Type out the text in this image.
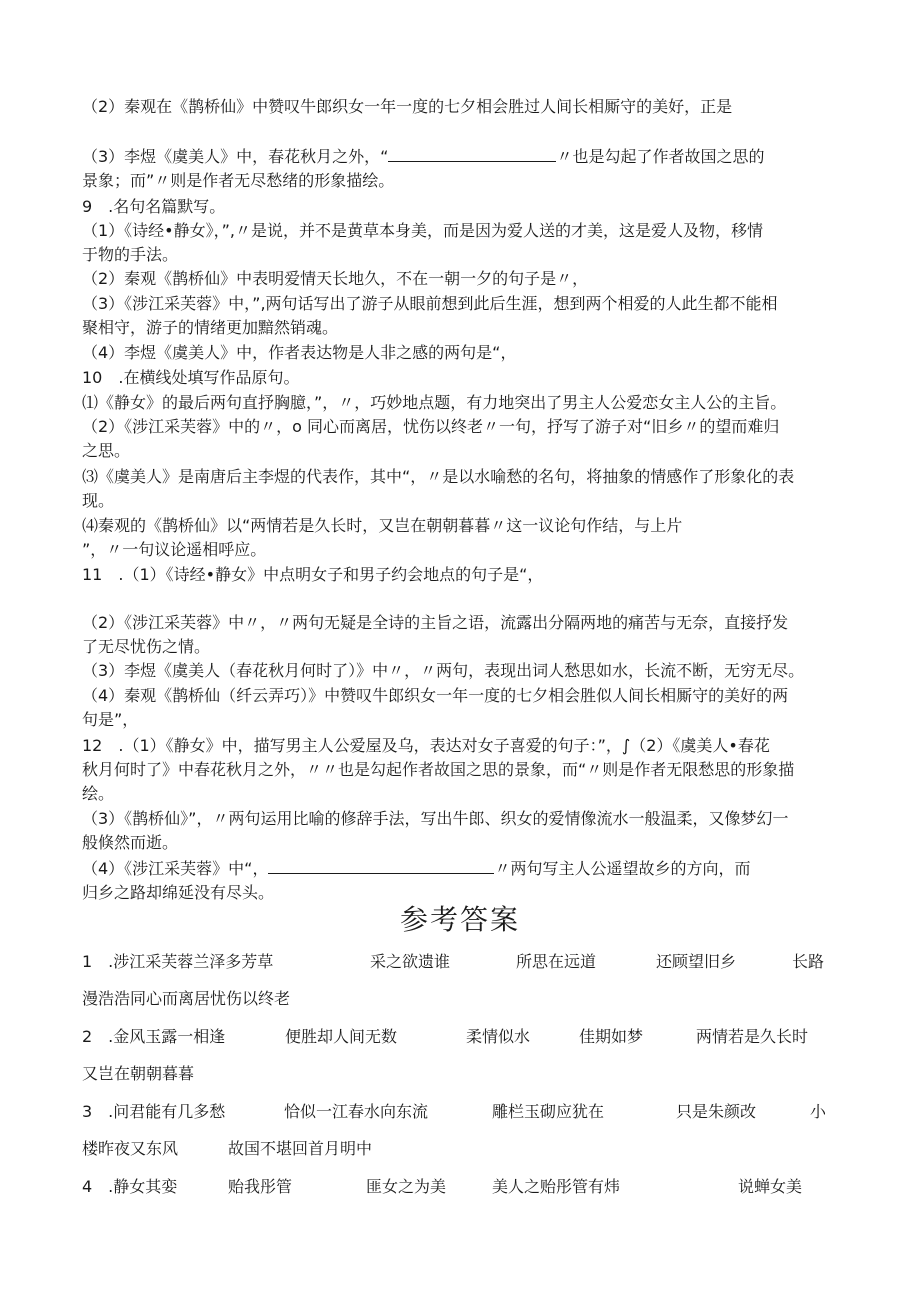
（2）秦观在《鹊桥仙》中赞叹牛郎织女一年一度的七夕相会胜过人间长相厮守的美好，正是
（3）李煜《虞美人》中，春花秋月之外，“	〃也是勾起了作者故国之思的
景象；而”〃则是作者无尽愁绪的形象描绘。
9　.名句名篇默写。
（1）《诗经•静女》，”,〃是说，并不是黄草本身美，而是因为爱人送的才美，这是爱人及物，移情
于物的手法。
（2）秦观《鹊桥仙》中表明爱情天长地久，不在一朝一夕的句子是〃，
（3）《涉江采芙蓉》中，”,两句话写出了游子从眼前想到此后生涯，想到两个相爱的人此生都不能相
聚相守，游子的情绪更加黯然销魂。
（4）李煜《虞美人》中，作者表达物是人非之感的两句是“，
10　.在横线处填写作品原句。
⑴《静女》的最后两句直抒胸臆，”，〃，巧妙地点题，有力地突出了男主人公爱恋女主人公的主旨。
（2）《涉江采芙蓉》中的〃，o 同心而离居，忧伤以终老〃一句，抒写了游子对“旧乡〃的望而难归
之思。
⑶《虞美人》是南唐后主李煜的代表作，其中“，〃是以水喻愁的名句，将抽象的情感作了形象化的表
现。
⑷秦观的《鹊桥仙》以“两情若是久长时，又岂在朝朝暮暮〃这一议论句作结，与上片
”，〃一句议论遥相呼应。
11　.（1）《诗经•静女》中点明女子和男子约会地点的句子是“，
（2）《涉江采芙蓉》中〃，〃两句无疑是全诗的主旨之语，流露出分隔两地的痛苦与无奈，直接抒发
了无尽忧伤之情。
（3）李煜《虞美人（春花秋月何时了）》中〃，〃两句，表现出词人愁思如水，长流不断，无穷无尽。
（4）秦观《鹊桥仙（纤云弄巧）》中赞叹牛郎织女一年一度的七夕相会胜似人间长相厮守的美好的两
句是”，
12　.（1）《静女》中，描写男主人公爱屋及乌，表达对女子喜爱的句子：”，∫（2）《虞美人•春花
秋月何时了》中春花秋月之外，〃〃也是勾起作者故国之思的景象，而“〃则是作者无限愁思的形象描
绘。
（3）《鹊桥仙》”，〃两句运用比喻的修辞手法，写出牛郎、织女的爱情像流水一般温柔，又像梦幻一
般倏然而逝。
（4）《涉江采芙蓉》中“，	〃两句写主人公遥望故乡的方向，而
归乡之路却绵延没有尽头。
参考答案
1　.涉江采芙蓉兰泽多芳草	采之欲遗谁	所思在远道	还顾望旧乡	长路
漫浩浩同心而离居忧伤以终老
2　.金风玉露一相逢	便胜却人间无数	柔情似水	佳期如梦	两情若是久长时
又岂在朝朝暮暮
3　.问君能有几多愁	恰似一江春水向东流	雕栏玉砌应犹在	只是朱颜改	小
楼昨夜又东风	故国不堪回首月明中
4　.静女其娈	贻我彤管	匪女之为美	美人之贻彤管有炜	说蝉女美
